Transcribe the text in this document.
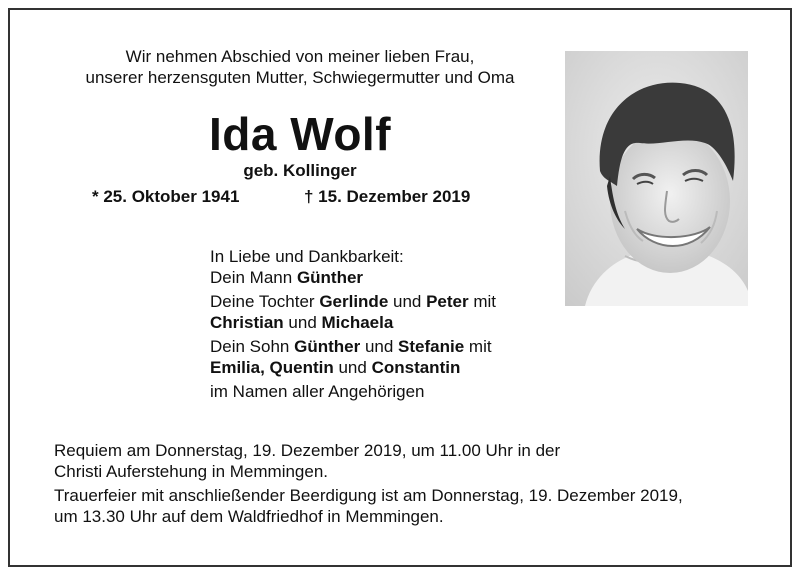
Wir nehmen Abschied von meiner lieben Frau,
unserer herzensguten Mutter, Schwiegermutter und Oma
Ida Wolf
geb. Kollinger
* 25. Oktober 1941	† 15. Dezember 2019
In Liebe und Dankbarkeit:
Dein Mann Günther
Deine Tochter Gerlinde und Peter mit
Christian und Michaela
Dein Sohn Günther und Stefanie mit
Emilia, Quentin und Constantin
im Namen aller Angehörigen
Requiem am Donnerstag, 19. Dezember 2019, um 11.00 Uhr in der
Christi Auferstehung in Memmingen.
Trauerfeier mit anschließender Beerdigung ist am Donnerstag, 19. Dezember 2019,
um 13.30 Uhr auf dem Waldfriedhof in Memmingen.
